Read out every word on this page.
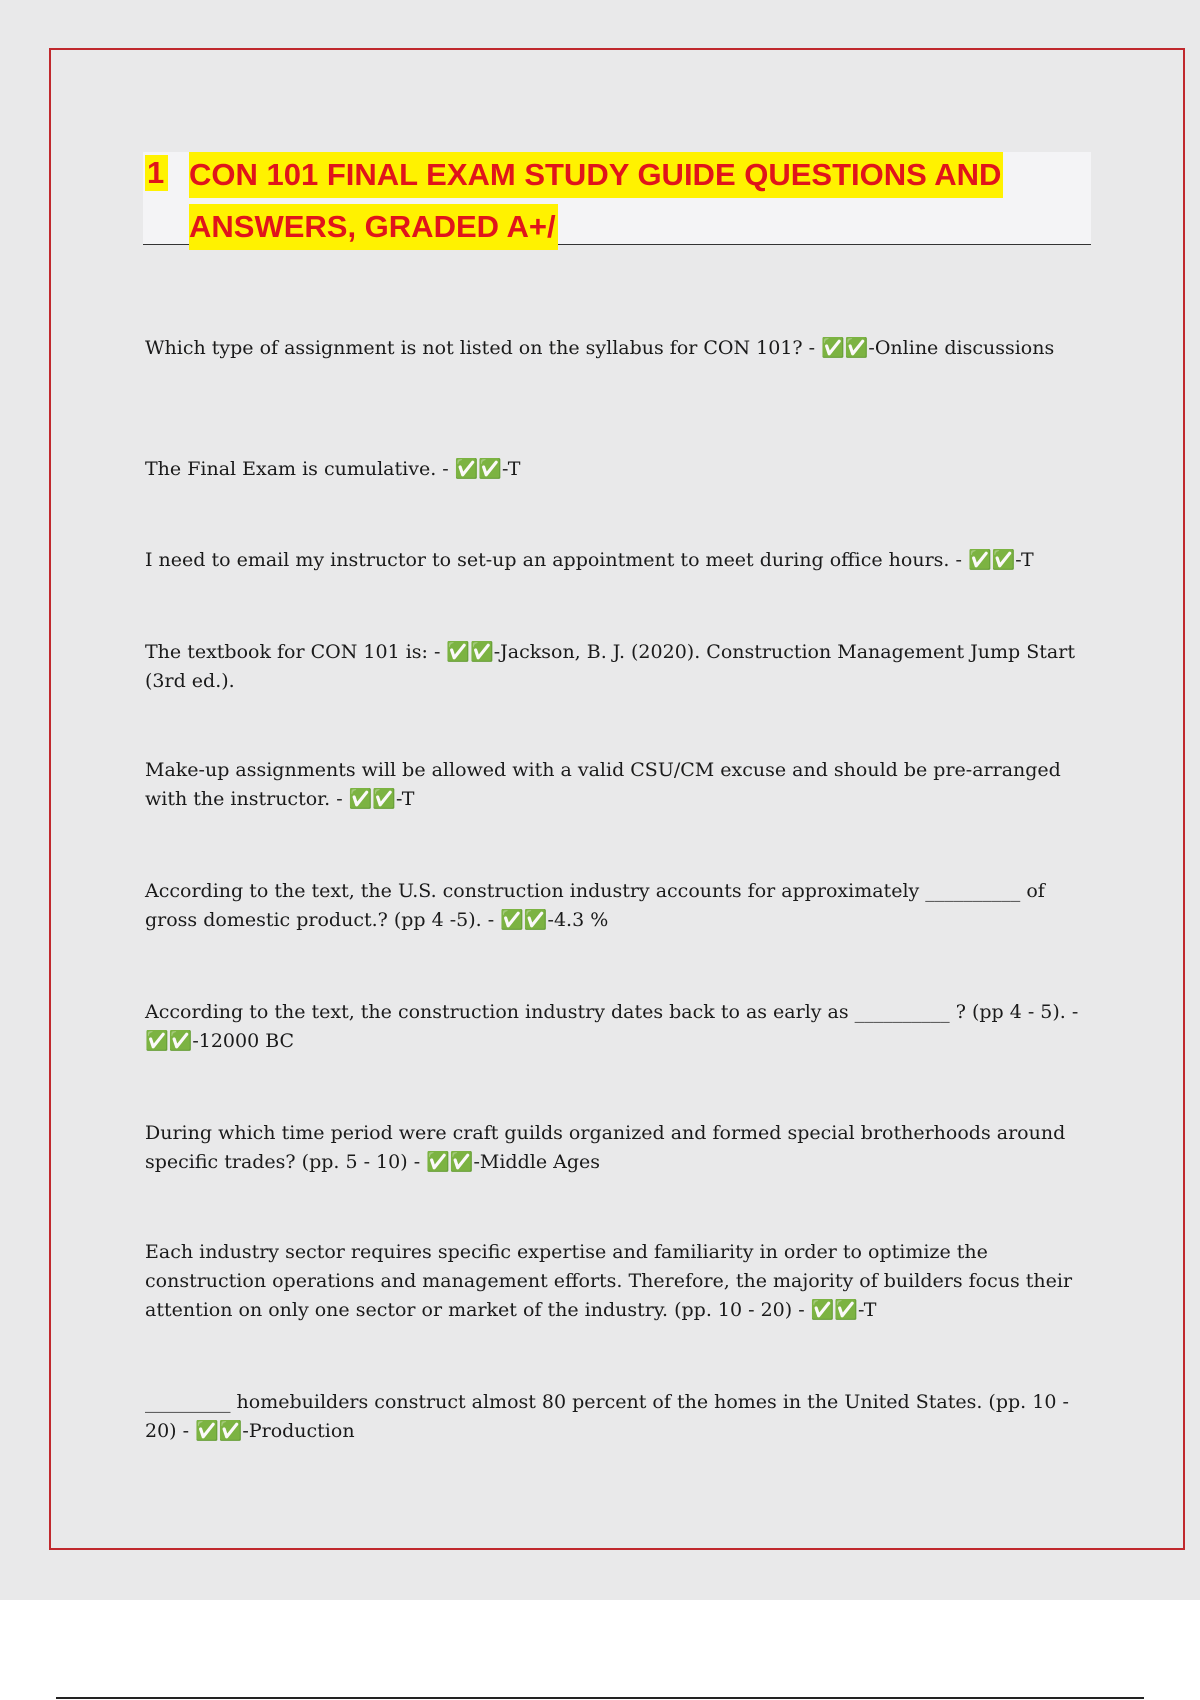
1 CON 101 FINAL EXAM STUDY GUIDE QUESTIONS AND
ANSWERS, GRADED A+/
Which type of assignment is not listed on the syllabus for CON 101? - ✅✅-Online discussions
The Final Exam is cumulative. - ✅✅-T
I need to email my instructor to set-up an appointment to meet during office hours. - ✅✅-T
The textbook for CON 101 is: - ✅✅-Jackson, B. J. (2020). Construction Management Jump Start (3rd ed.).
Make-up assignments will be allowed with a valid CSU/CM excuse and should be pre-arranged with the instructor. - ✅✅-T
According to the text, the U.S. construction industry accounts for approximately __________ of gross domestic product.? (pp 4 -5). - ✅✅-4.3 %
According to the text, the construction industry dates back to as early as __________ ? (pp 4 - 5). - ✅✅-12000 BC
During which time period were craft guilds organized and formed special brotherhoods around specific trades? (pp. 5 - 10) - ✅✅-Middle Ages
Each industry sector requires specific expertise and familiarity in order to optimize the construction operations and management efforts. Therefore, the majority of builders focus their attention on only one sector or market of the industry. (pp. 10 - 20) - ✅✅-T
_________ homebuilders construct almost 80 percent of the homes in the United States. (pp. 10 - 20) - ✅✅-Production
